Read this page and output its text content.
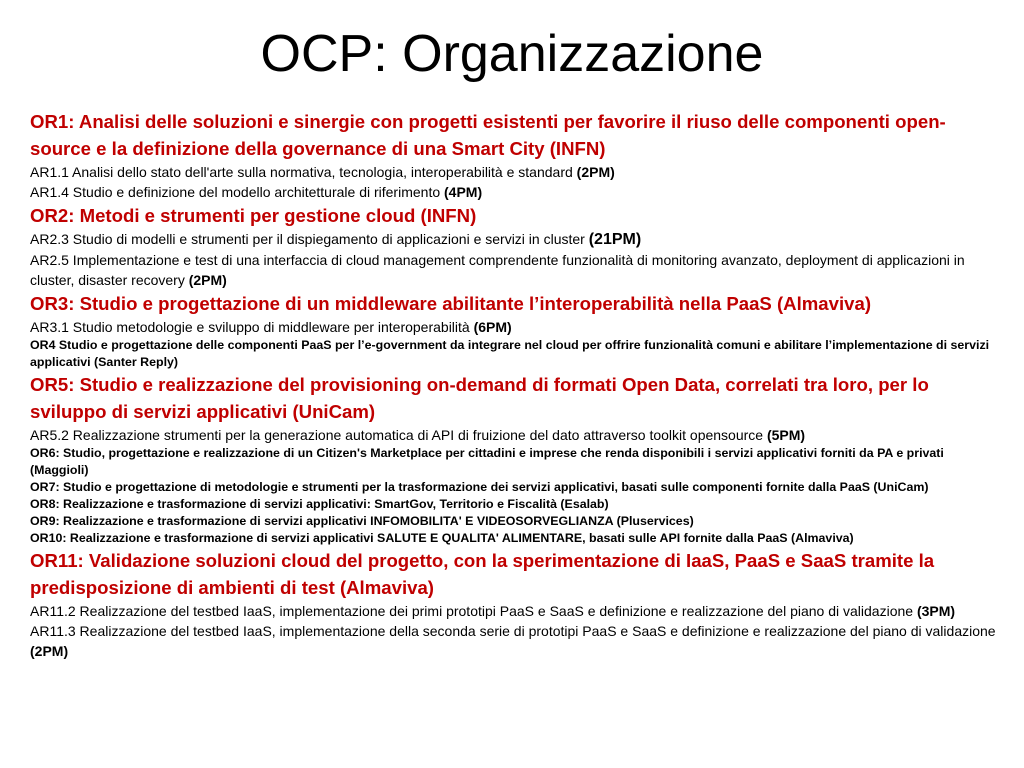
OCP: Organizzazione
OR1: Analisi delle soluzioni e sinergie con progetti esistenti per favorire il riuso delle componenti open-source e la definizione della governance di una Smart City (INFN)
AR1.1 Analisi dello stato dell'arte sulla normativa, tecnologia, interoperabilità e standard (2PM)
AR1.4 Studio e definizione del modello architetturale di riferimento (4PM)
OR2: Metodi e strumenti per gestione cloud (INFN)
AR2.3 Studio di modelli e strumenti per il dispiegamento di applicazioni e servizi in cluster (21PM)
AR2.5 Implementazione e test di una interfaccia di cloud management comprendente funzionalità di monitoring avanzato, deployment di applicazioni in cluster, disaster recovery (2PM)
OR3: Studio e progettazione di un middleware abilitante l’interoperabilità nella PaaS (Almaviva)
AR3.1 Studio metodologie e sviluppo di middleware per interoperabilità (6PM)
OR4 Studio e progettazione delle componenti PaaS per l’e-government da integrare nel cloud per offrire funzionalità comuni e abilitare l’implementazione di servizi applicativi (Santer Reply)
OR5: Studio e realizzazione del provisioning on-demand di formati Open Data, correlati tra loro, per lo sviluppo di servizi applicativi (UniCam)
AR5.2 Realizzazione strumenti per la generazione automatica di API di fruizione del dato attraverso toolkit opensource (5PM)
OR6: Studio, progettazione e realizzazione di un Citizen's Marketplace per cittadini e imprese che renda disponibili i servizi applicativi forniti da PA e privati (Maggioli)
OR7: Studio e progettazione di metodologie e strumenti per la trasformazione dei servizi applicativi, basati sulle componenti fornite dalla PaaS (UniCam)
OR8: Realizzazione e trasformazione di servizi applicativi: SmartGov, Territorio e Fiscalità (Esalab)
OR9: Realizzazione e trasformazione di servizi applicativi INFOMOBILITA' E VIDEOSORVEGLIANZA (Pluservices)
OR10: Realizzazione e trasformazione di servizi applicativi SALUTE E QUALITA' ALIMENTARE, basati sulle API fornite dalla PaaS (Almaviva)
OR11: Validazione soluzioni cloud del progetto, con la sperimentazione di IaaS, PaaS e SaaS tramite la predisposizione di ambienti di test (Almaviva)
AR11.2 Realizzazione del testbed IaaS, implementazione dei primi prototipi PaaS e SaaS e definizione e realizzazione del piano di validazione (3PM)
AR11.3 Realizzazione del testbed IaaS, implementazione della seconda serie di prototipi PaaS e SaaS e definizione e realizzazione del piano di validazione (2PM)
